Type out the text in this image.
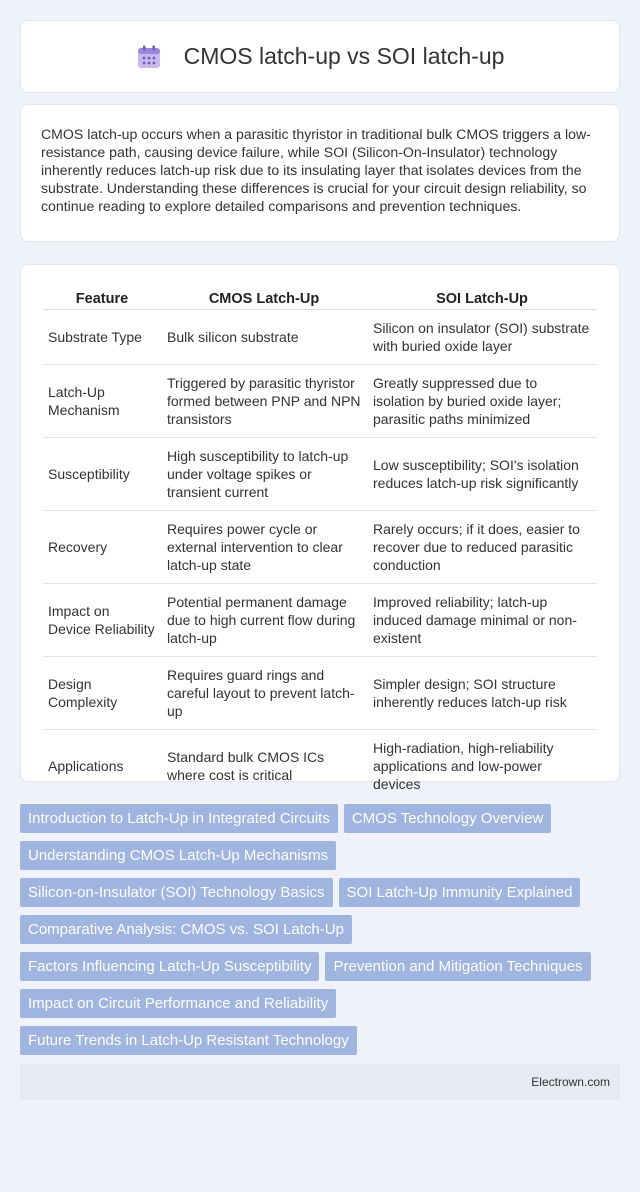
CMOS latch-up vs SOI latch-up

CMOS latch-up occurs when a parasitic thyristor in traditional bulk CMOS triggers a low-resistance path, causing device failure, while SOI (Silicon-On-Insulator) technology inherently reduces latch-up risk due to its insulating layer that isolates devices from the substrate. Understanding these differences is crucial for your circuit design reliability, so continue reading to explore detailed comparisons and prevention techniques.

Feature	CMOS Latch-Up	SOI Latch-Up
Substrate Type	Bulk silicon substrate	Silicon on insulator (SOI) substrate with buried oxide layer
Latch-Up Mechanism	Triggered by parasitic thyristor formed between PNP and NPN transistors	Greatly suppressed due to isolation by buried oxide layer; parasitic paths minimized
Susceptibility	High susceptibility to latch-up under voltage spikes or transient current	Low susceptibility; SOI's isolation reduces latch-up risk significantly
Recovery	Requires power cycle or external intervention to clear latch-up state	Rarely occurs; if it does, easier to recover due to reduced parasitic conduction
Impact on Device Reliability	Potential permanent damage due to high current flow during latch-up	Improved reliability; latch-up induced damage minimal or non-existent
Design Complexity	Requires guard rings and careful layout to prevent latch-up	Simpler design; SOI structure inherently reduces latch-up risk
Applications	Standard bulk CMOS ICs where cost is critical	High-radiation, high-reliability applications and low-power devices
Introduction to Latch-Up in Integrated Circuits	CMOS Technology Overview
Understanding CMOS Latch-Up Mechanisms
Silicon-on-Insulator (SOI) Technology Basics	SOI Latch-Up Immunity Explained
Comparative Analysis: CMOS vs. SOI Latch-Up
Factors Influencing Latch-Up Susceptibility	Prevention and Mitigation Techniques
Impact on Circuit Performance and Reliability
Future Trends in Latch-Up Resistant Technology
Electrown.com
